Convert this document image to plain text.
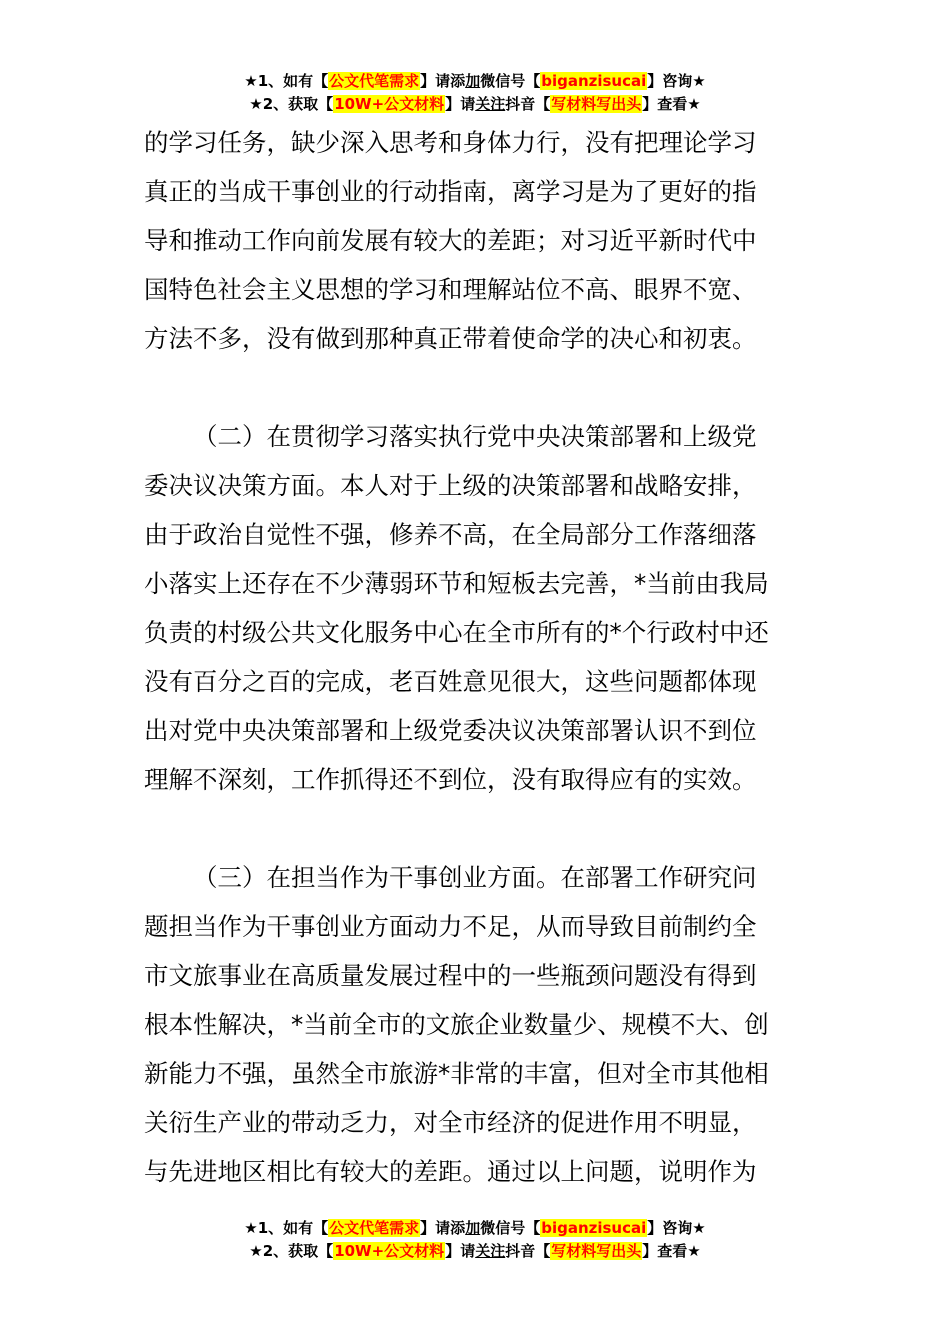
★1、如有【公文代笔需求】请添加微信号【biganzisucai】咨询★
★2、获取【10W+公文材料】请关注抖音【写材料写出头】查看★

的学习任务，缺少深入思考和身体力行，没有把理论学习
真正的当成干事创业的行动指南，离学习是为了更好的指
导和推动工作向前发展有较大的差距；对习近平新时代中
国特色社会主义思想的学习和理解站位不高、眼界不宽、
方法不多，没有做到那种真正带着使命学的决心和初衷。

（二）在贯彻学习落实执行党中央决策部署和上级党
委决议决策方面。本人对于上级的决策部署和战略安排，
由于政治自觉性不强，修养不高，在全局部分工作落细落
小落实上还存在不少薄弱环节和短板去完善，*当前由我局
负责的村级公共文化服务中心在全市所有的*个行政村中还
没有百分之百的完成，老百姓意见很大，这些问题都体现
出对党中央决策部署和上级党委决议决策部署认识不到位
理解不深刻，工作抓得还不到位，没有取得应有的实效。

（三）在担当作为干事创业方面。在部署工作研究问
题担当作为干事创业方面动力不足，从而导致目前制约全
市文旅事业在高质量发展过程中的一些瓶颈问题没有得到
根本性解决，*当前全市的文旅企业数量少、规模不大、创
新能力不强，虽然全市旅游*非常的丰富，但对全市其他相
关衍生产业的带动乏力，对全市经济的促进作用不明显，
与先进地区相比有较大的差距。通过以上问题，说明作为

★1、如有【公文代笔需求】请添加微信号【biganzisucai】咨询★
★2、获取【10W+公文材料】请关注抖音【写材料写出头】查看★
